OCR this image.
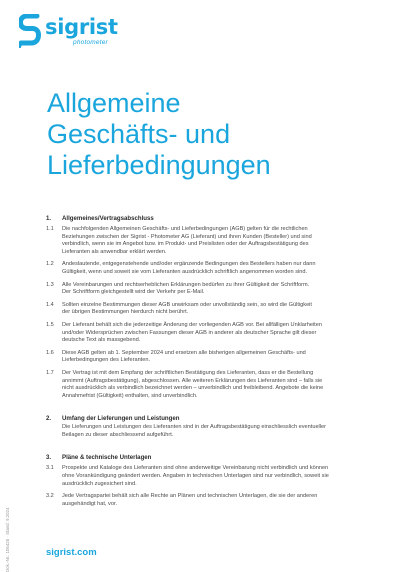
sigrist
photometer
Allgemeine
Geschäfts- und
Lieferbedingungen
1.	Allgemeines/Vertragsabschluss
1.1	Die nachfolgenden Allgemeinen Geschäfts- und Lieferbedingungen (AGB) gelten für die rechtlichen
Beziehungen zwischen der Sigrist - Photometer AG (Lieferant) und ihren Kunden (Besteller) und sind
verbindlich, wenn sie im Angebot bzw. im Produkt- und Preislisten oder der Auftragsbestätigung des
Lieferanten als anwendbar erklärt werden.
1.2	Andeslautende, entgegenstehende und/oder ergänzende Bedingungen des Bestellers haben nur dann
Gültigkeit, wenn und soweit sie vom Lieferanten ausdrücklich schriftlich angenommen worden sind.
1.3	Alle Vereinbarungen und rechtserheblichen Erklärungen bedürfen zu ihrer Gültigkeit der Schriftform.
Der Schriftform gleichgestellt wird der Verkehr per E-Mail.
1.4	Sollten einzelne Bestimmungen dieser AGB unwirksam oder unvollständig sein, so wird die Gültigkeit
der übrigen Bestimmungen hierdurch nicht berührt.
1.5	Der Lieferant behält sich die jederzeitige Änderung der vorliegenden AGB vor. Bei allfälligen Unklarheiten
und/oder Widersprüchen zwischen Fassungen dieser AGB in anderer als deutscher Sprache gilt dieser
deutsche Text als massgebend.
1.6	Diese AGB gelten ab 1. September 2024 und ersetzen alle bisherigen allgemeinen Geschäfts- und
Lieferbedingungen des Lieferanten.
1.7	Der Vertrag ist mit dem Empfang der schriftlichen Bestätigung des Lieferanten, dass er die Bestellung
annimmt (Auftragsbestätigung), abgeschlossen. Alle weiteren Erklärungen des Lieferanten sind – falls sie
nicht ausdrücklich als verbindlich bezeichnet werden – unverbindlich und freibleibend. Angebote die keine
Annahmefrist (Gültigkeit) enthalten, sind unverbindlich.
2.	Umfang der Lieferungen und Leistungen
Die Lieferungen und Leistungen des Lieferanten sind in der Auftragsbestätigung einschliesslich eventueller
Beilagen zu dieser abschliessend aufgeführt.
3.	Pläne & technische Unterlagen
3.1	Prospekte und Kataloge des Lieferanten sind ohne anderweitige Vereinbarung nicht verbindlich und können
ohne Vorankündigung geändert werden. Angaben in technischen Unterlagen sind nur verbindlich, soweit sie
ausdrücklich zugesichert sind.
3.2	Jede Vertragspartei behält sich alle Rechte an Plänen und technischen Unterlagen, die sie der anderen
ausgehändigt hat, vor.
Dok.-Nr.: 106425 · Stand: 9.2024	sigrist.com
